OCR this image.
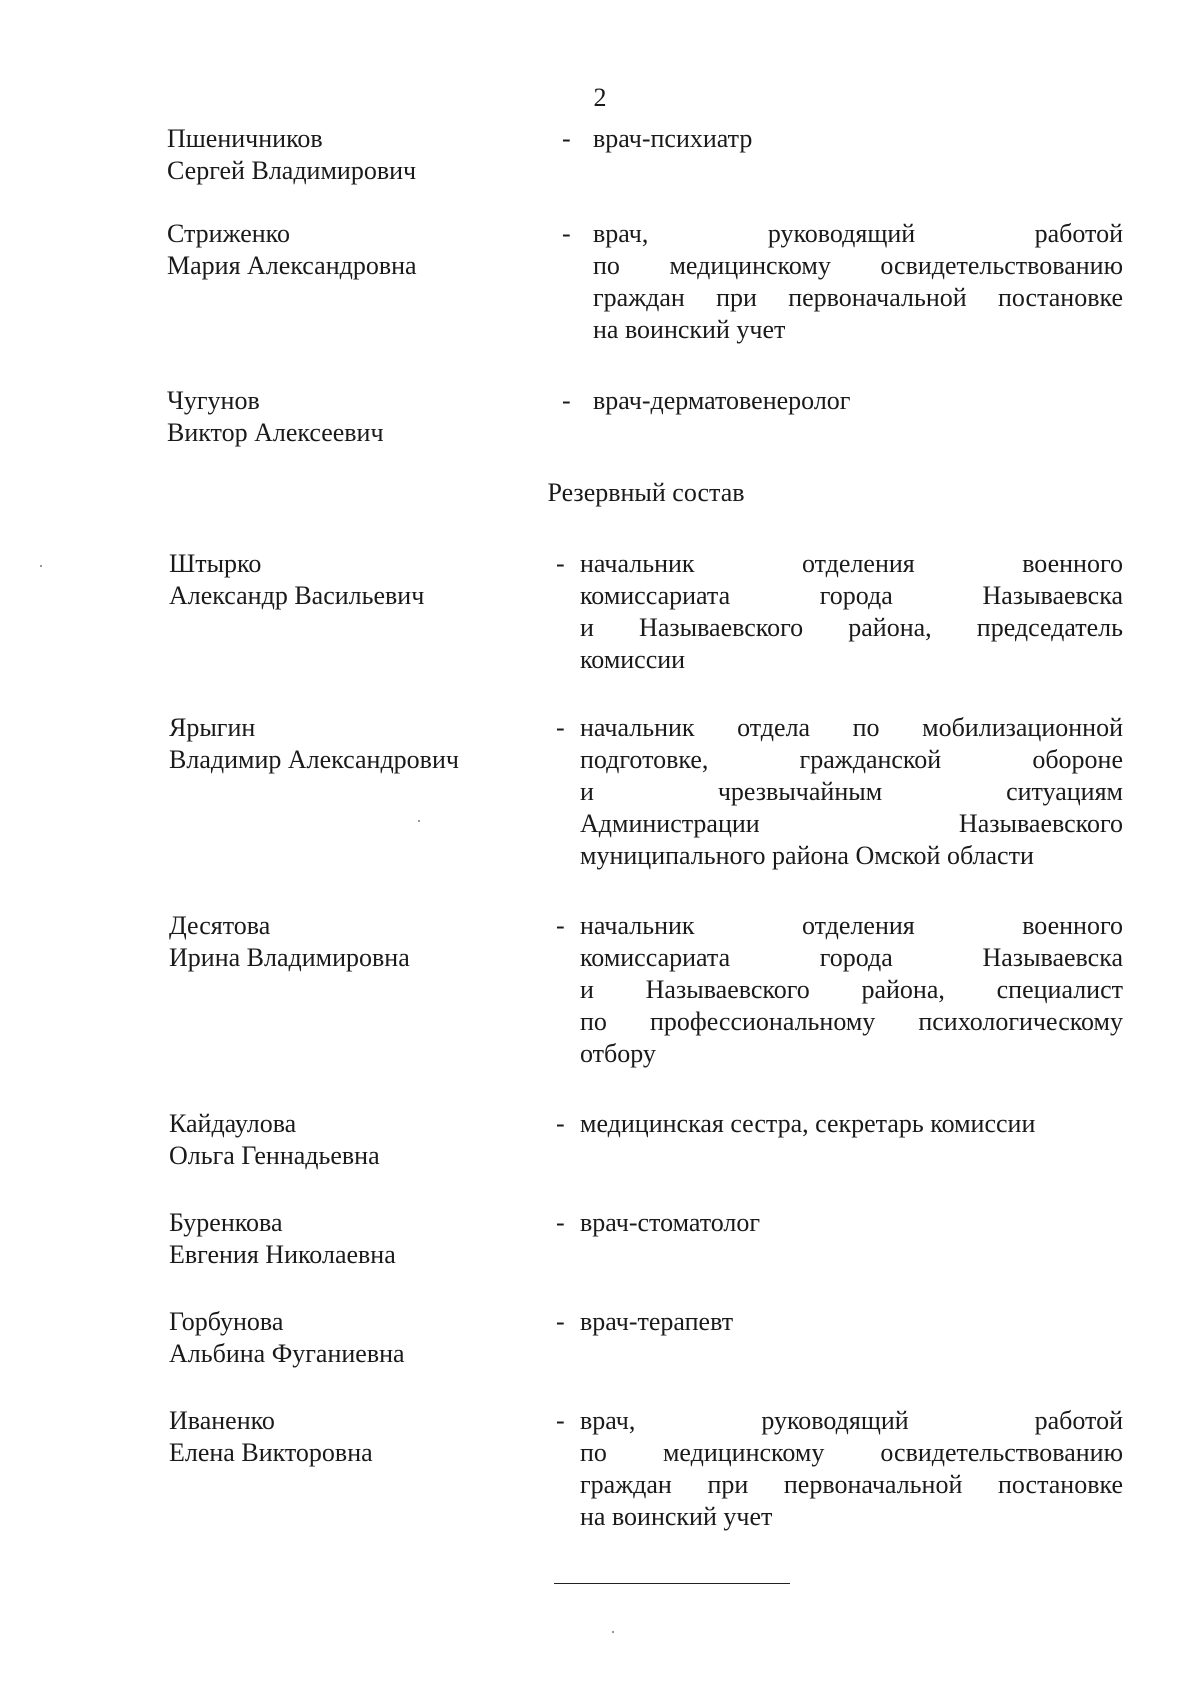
2
Пшеничников
Сергей Владимирович
- врач-психиатр
Стриженко
Мария Александровна
- врач, руководящий работой
по медицинскому освидетельствованию
граждан при первоначальной постановке
на воинский учет
Чугунов
Виктор Алексеевич
- врач-дерматовенеролог
Резервный состав
Штырко
Александр Васильевич
- начальник отделения военного
комиссариата города Называевска
и Называевского района, председатель
комиссии
Ярыгин
Владимир Александрович
- начальник отдела по мобилизационной
подготовке, гражданской обороне
и чрезвычайным ситуациям
Администрации Называевского
муниципального района Омской области
Десятова
Ирина Владимировна
- начальник отделения военного
комиссариата города Называевска
и Называевского района, специалист
по профессиональному психологическому
отбору
Кайдаулова
Ольга Геннадьевна
- медицинская сестра, секретарь комиссии
Буренкова
Евгения Николаевна
- врач-стоматолог
Горбунова
Альбина Фуганиевна
- врач-терапевт
Иваненко
Елена Викторовна
- врач, руководящий работой
по медицинскому освидетельствованию
граждан при первоначальной постановке
на воинский учет
